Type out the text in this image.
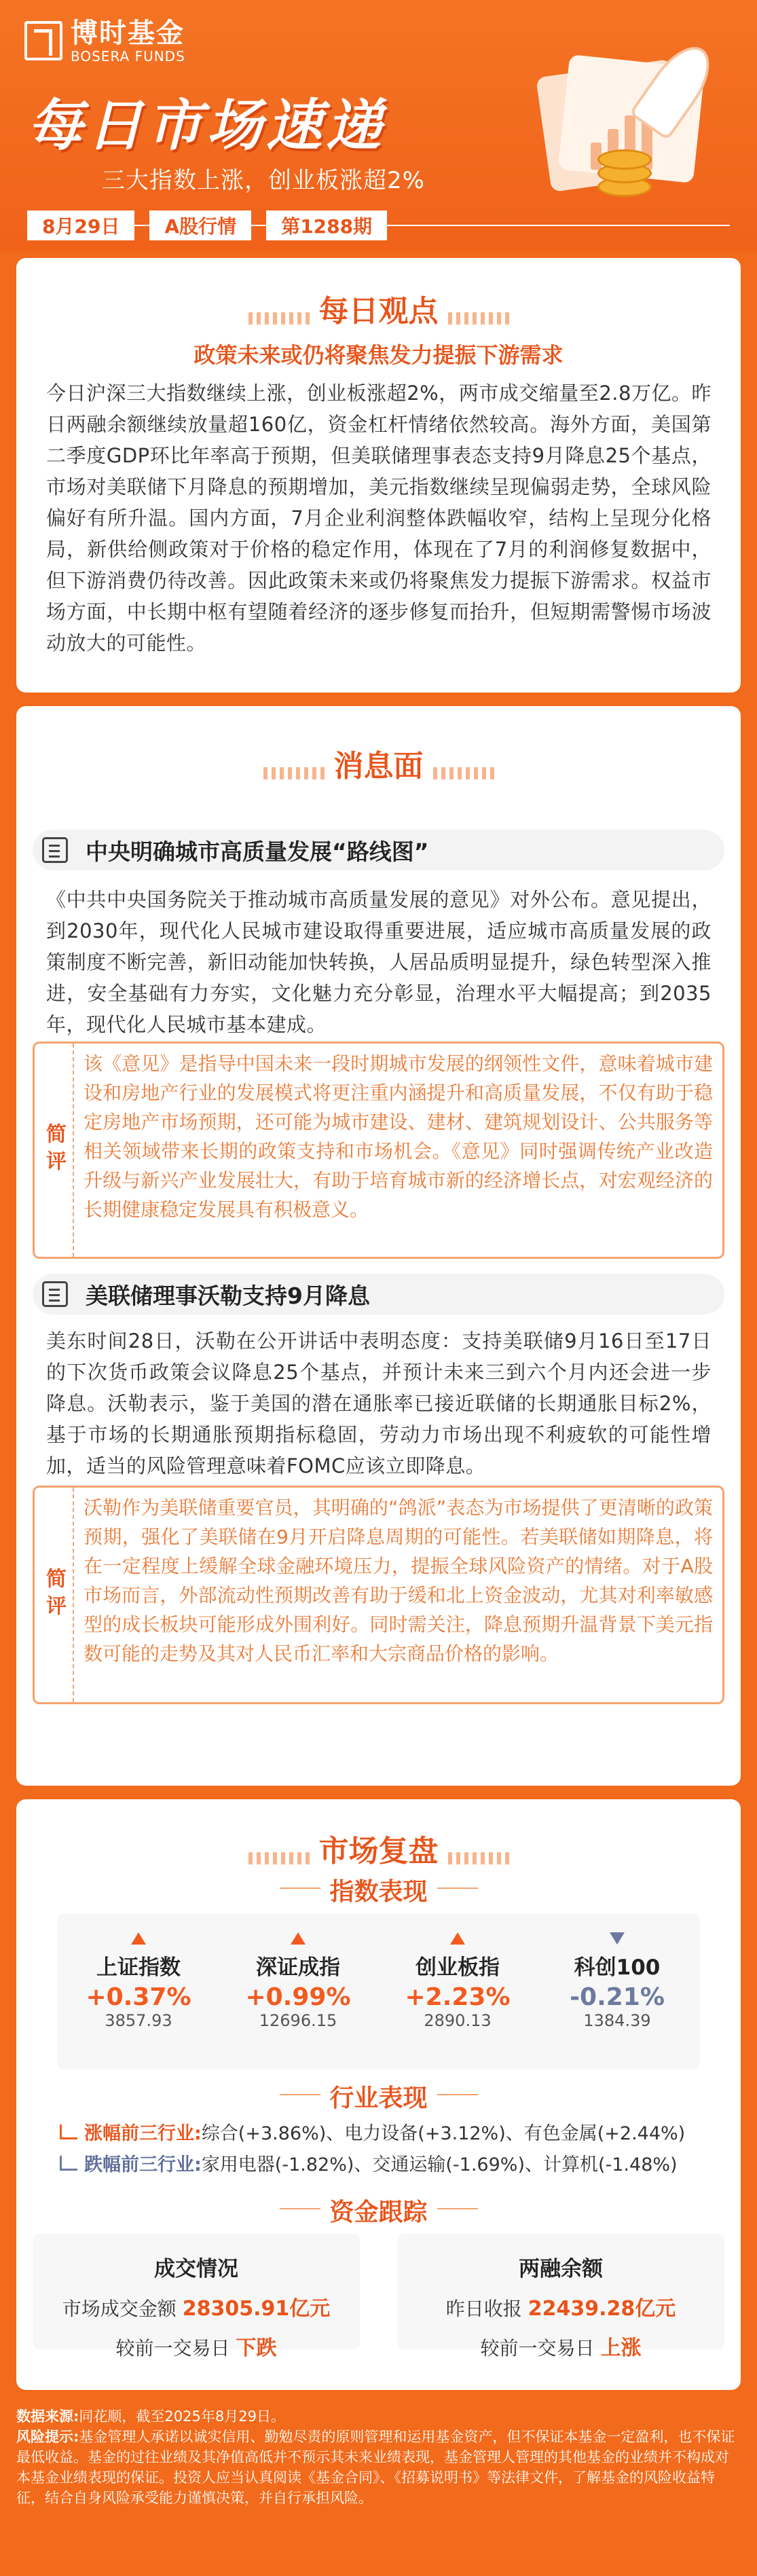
博时基金
BOSERA FUNDS
每日市场速递
三大指数上涨，创业板涨超2%
8月29日	A股行情	第1288期
每日观点
政策未来或仍将聚焦发力提振下游需求
今日沪深三大指数继续上涨，创业板涨超2%，两市成交缩量至2.8万亿。昨日两融余额继续放量超160亿，资金杠杆情绪依然较高。海外方面，美国第二季度GDP环比年率高于预期，但美联储理事表态支持9月降息25个基点，市场对美联储下月降息的预期增加，美元指数继续呈现偏弱走势，全球风险偏好有所升温。国内方面，7月企业利润整体跌幅收窄，结构上呈现分化格局，新供给侧政策对于价格的稳定作用，体现在了7月的利润修复数据中，但下游消费仍待改善。因此政策未来或仍将聚焦发力提振下游需求。权益市场方面，中长期中枢有望随着经济的逐步修复而抬升，但短期需警惕市场波动放大的可能性。
消息面
中央明确城市高质量发展“路线图”
《中共中央国务院关于推动城市高质量发展的意见》对外公布。意见提出，到2030年，现代化人民城市建设取得重要进展，适应城市高质量发展的政策制度不断完善，新旧动能加快转换，人居品质明显提升，绿色转型深入推进，安全基础有力夯实，文化魅力充分彰显，治理水平大幅提高；到2035年，现代化人民城市基本建成。
简评
该《意见》是指导中国未来一段时期城市发展的纲领性文件，意味着城市建设和房地产行业的发展模式将更注重内涵提升和高质量发展，不仅有助于稳定房地产市场预期，还可能为城市建设、建材、建筑规划设计、公共服务等相关领域带来长期的政策支持和市场机会。《意见》同时强调传统产业改造升级与新兴产业发展壮大，有助于培育城市新的经济增长点，对宏观经济的长期健康稳定发展具有积极意义。
美联储理事沃勒支持9月降息
美东时间28日，沃勒在公开讲话中表明态度：支持美联储9月16日至17日的下次货币政策会议降息25个基点，并预计未来三到六个月内还会进一步降息。沃勒表示，鉴于美国的潜在通胀率已接近联储的长期通胀目标2%，基于市场的长期通胀预期指标稳固，劳动力市场出现不利疲软的可能性增加，适当的风险管理意味着FOMC应该立即降息。
简评
沃勒作为美联储重要官员，其明确的“鸽派”表态为市场提供了更清晰的政策预期，强化了美联储在9月开启降息周期的可能性。若美联储如期降息，将在一定程度上缓解全球金融环境压力，提振全球风险资产的情绪。对于A股市场而言，外部流动性预期改善有助于缓和北上资金波动，尤其对利率敏感型的成长板块可能形成外围利好。同时需关注，降息预期升温背景下美元指数可能的走势及其对人民币汇率和大宗商品价格的影响。
市场复盘
指数表现
上证指数
+0.37%
3857.93
深证成指
+0.99%
12696.15
创业板指
+2.23%
2890.13
科创100
-0.21%
1384.39
行业表现
涨幅前三行业: 综合(+3.86%)、电力设备(+3.12%)、有色金属(+2.44%)
跌幅前三行业: 家用电器(-1.82%)、交通运输(-1.69%)、计算机(-1.48%)
资金跟踪
成交情况
市场成交金额 28305.91亿元
较前一交易日 下跌
两融余额
昨日收报 22439.28亿元
较前一交易日 上涨
数据来源:同花顺，截至2025年8月29日。
风险提示:基金管理人承诺以诚实信用、勤勉尽责的原则管理和运用基金资产，但不保证本基金一定盈利，也不保证最低收益。基金的过往业绩及其净值高低并不预示其未来业绩表现，基金管理人管理的其他基金的业绩并不构成对本基金业绩表现的保证。投资人应当认真阅读《基金合同》、《招募说明书》等法律文件，了解基金的风险收益特征，结合自身风险承受能力谨慎决策，并自行承担风险。
